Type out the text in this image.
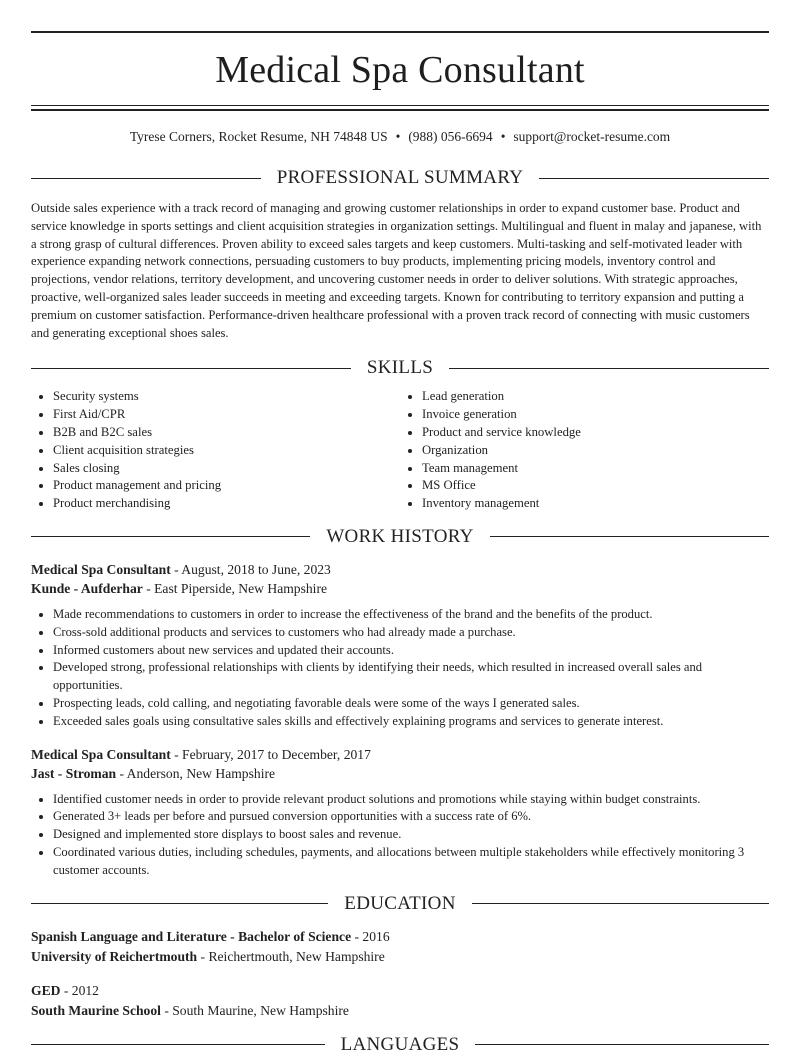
Medical Spa Consultant
Tyrese Corners, Rocket Resume, NH 74848 US • (988) 056-6694 • support@rocket-resume.com
PROFESSIONAL SUMMARY
Outside sales experience with a track record of managing and growing customer relationships in order to expand customer base. Product and service knowledge in sports settings and client acquisition strategies in organization settings. Multilingual and fluent in malay and japanese, with a strong grasp of cultural differences. Proven ability to exceed sales targets and keep customers. Multi-tasking and self-motivated leader with experience expanding network connections, persuading customers to buy products, implementing pricing models, inventory control and projections, vendor relations, territory development, and uncovering customer needs in order to deliver solutions. With strategic approaches, proactive, well-organized sales leader succeeds in meeting and exceeding targets. Known for contributing to territory expansion and putting a premium on customer satisfaction. Performance-driven healthcare professional with a proven track record of connecting with music customers and generating exceptional shoes sales.
SKILLS
• Security systems
• First Aid/CPR
• B2B and B2C sales
• Client acquisition strategies
• Sales closing
• Product management and pricing
• Product merchandising
• Lead generation
• Invoice generation
• Product and service knowledge
• Organization
• Team management
• MS Office
• Inventory management
WORK HISTORY
Medical Spa Consultant - August, 2018 to June, 2023
Kunde - Aufderhar - East Piperside, New Hampshire
• Made recommendations to customers in order to increase the effectiveness of the brand and the benefits of the product.
• Cross-sold additional products and services to customers who had already made a purchase.
• Informed customers about new services and updated their accounts.
• Developed strong, professional relationships with clients by identifying their needs, which resulted in increased overall sales and opportunities.
• Prospecting leads, cold calling, and negotiating favorable deals were some of the ways I generated sales.
• Exceeded sales goals using consultative sales skills and effectively explaining programs and services to generate interest.
Medical Spa Consultant - February, 2017 to December, 2017
Jast - Stroman - Anderson, New Hampshire
• Identified customer needs in order to provide relevant product solutions and promotions while staying within budget constraints.
• Generated 3+ leads per before and pursued conversion opportunities with a success rate of 6%.
• Designed and implemented store displays to boost sales and revenue.
• Coordinated various duties, including schedules, payments, and allocations between multiple stakeholders while effectively monitoring 3 customer accounts.
EDUCATION
Spanish Language and Literature - Bachelor of Science - 2016
University of Reichertmouth - Reichertmouth, New Hampshire
GED - 2012
South Maurine School - South Maurine, New Hampshire
LANGUAGES
